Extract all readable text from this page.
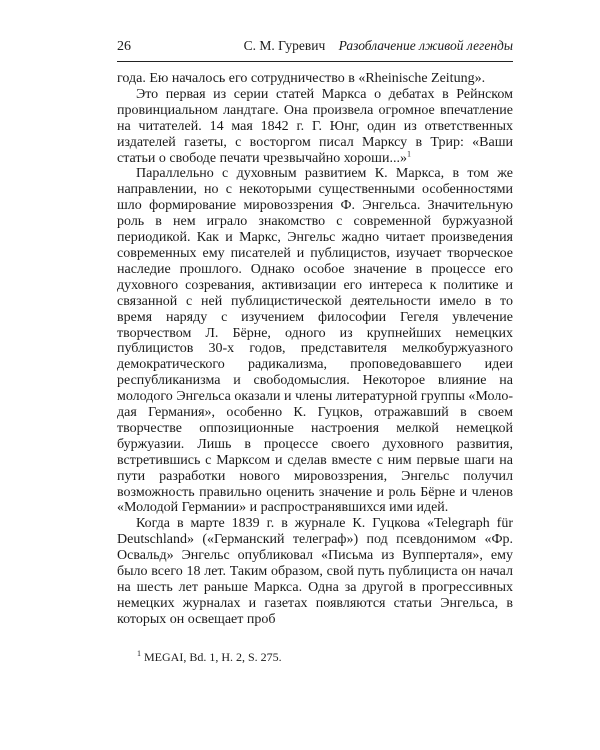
26	С. М. Гуревич Разоблачение лживой легенды

года. Ею началось его сотрудничество в «Rheinische Zeitung».

Это первая из серии статей Маркса о дебатах в Рейнском провинциальном ландтаге. Она произвела огромное впечатление на читателей. 14 мая 1842 г. Г. Юнг, один из ответственных издателей газеты, с восторгом писал Марксу в Трир: «Ваши статьи о свободе печати чрезвычайно хороши...»$^1$

Параллельно с духовным развитием К. Маркса, в том же направлении, но с некоторыми существенными особенностями шло формирование мировоззрения Ф. Энгельса. Значительную роль в нем играло знакомство с современной буржуазной периодикой. Как и Маркс, Энгельс жадно читает произведения современных ему писателей и публицистов, изучает творческое наследие прошлого. Однако особое значение в процессе его духовного созревания, активизации его интереса к политике и связанной с ней публицистической деятельности имело в то время наряду с изучением философии Гегеля увлечение творчеством Л. Бёрне, одного из крупнейших немецких публицистов 30-х годов, представителя мелкобуржуазного демократического радикализма, проповедовавшего идеи республиканизма и свободомыслия. Некоторое влияние на молодого Энгельса оказали и члены литературной группы «Молодая Германия», особенно К. Гуцков, отражавший в своем творчестве оппозиционные настроения мелкой немецкой буржуазии. Лишь в процессе своего духовного развития, встретившись с Марксом и сделав вместе с ним первые шаги на пути разработки нового мировоззрения, Энгельс получил возможность правильно оценить значение и роль Бёрне и членов «Молодой Германии» и распространявшихся ими идей.

Когда в марте 1839 г. в журнале К. Гуцкова «Telegraph für Deutschland» («Германский телеграф») под псевдонимом «Фр. Освальд» Энгельс опубликовал «Письма из Вупперталя», ему было всего 18 лет. Таким образом, свой путь публициста он начал на шесть лет раньше Маркса. Одна за другой в прогрессивных немецких журналах и газетах появляются статьи Энгельса, в которых он освещает проб

$^1$ MEGAI, Bd. 1, H. 2, S. 275.
